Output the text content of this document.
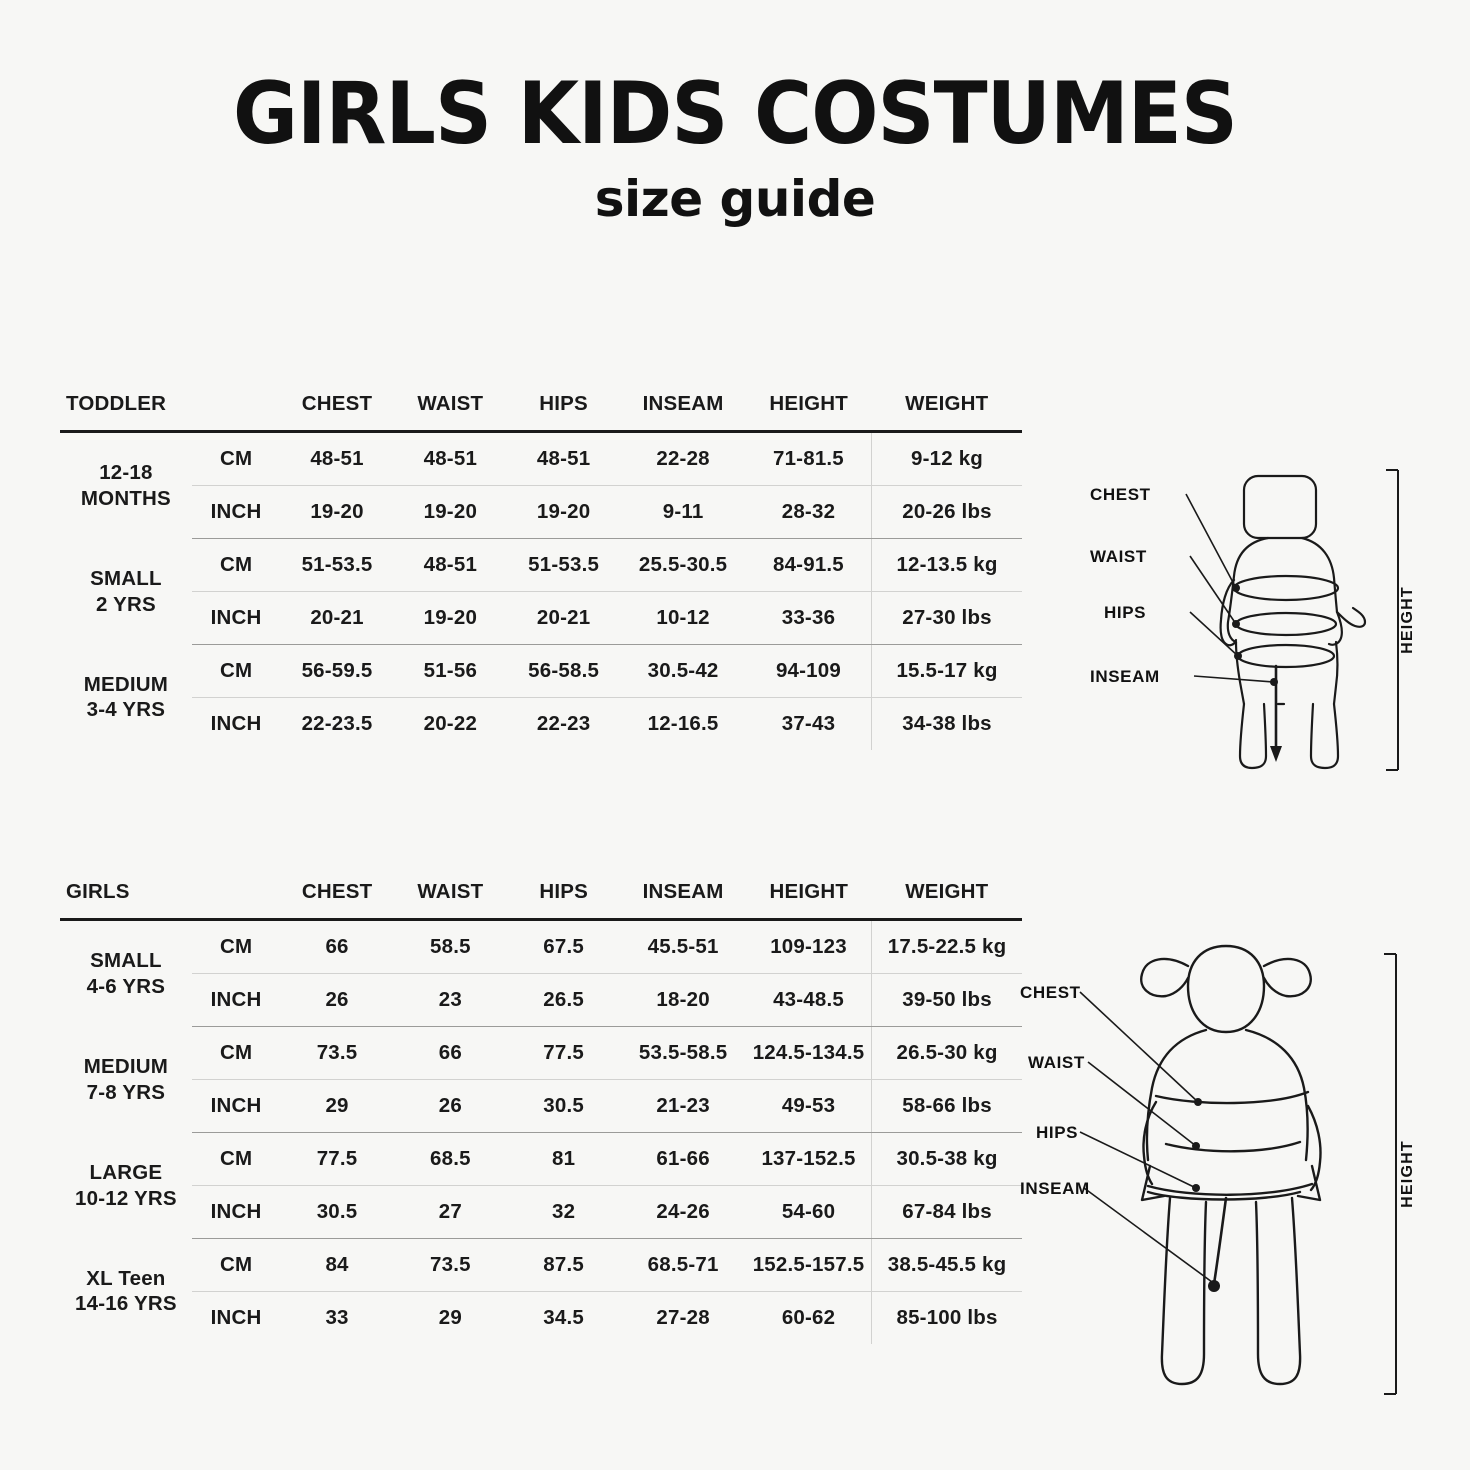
GIRLS KIDS COSTUMES
size guide
TODDLER		CHEST	WAIST	HIPS	INSEAM	HEIGHT	WEIGHT

12-18
MONTHS	CM	48-51	48-51	48-51	22-28	71-81.5	9-12 kg
	INCH	19-20	19-20	19-20	9-11	28-32	20-26 lbs

SMALL
2 YRS	CM	51-53.5	48-51	51-53.5	25.5-30.5	84-91.5	12-13.5 kg
	INCH	20-21	19-20	20-21	10-12	33-36	27-30 lbs

MEDIUM
3-4 YRS	CM	56-59.5	51-56	56-58.5	30.5-42	94-109	15.5-17 kg
	INCH	22-23.5	20-22	22-23	12-16.5	37-43	34-38 lbs
GIRLS		CHEST	WAIST	HIPS	INSEAM	HEIGHT	WEIGHT

SMALL
4-6 YRS	CM	66	58.5	67.5	45.5-51	109-123	17.5-22.5 kg
	INCH	26	23	26.5	18-20	43-48.5	39-50 lbs

MEDIUM
7-8 YRS	CM	73.5	66	77.5	53.5-58.5	124.5-134.5	26.5-30 kg
	INCH	29	26	30.5	21-23	49-53	58-66 lbs

LARGE
10-12 YRS	CM	77.5	68.5	81	61-66	137-152.5	30.5-38 kg
	INCH	30.5	27	32	24-26	54-60	67-84 lbs

XL Teen
14-16 YRS	CM	84	73.5	87.5	68.5-71	152.5-157.5	38.5-45.5 kg
	INCH	33	29	34.5	27-28	60-62	85-100 lbs
CHEST
WAIST
HIPS
INSEAM
HEIGHT
CHEST
WAIST
HIPS
INSEAM	HEIGHT
